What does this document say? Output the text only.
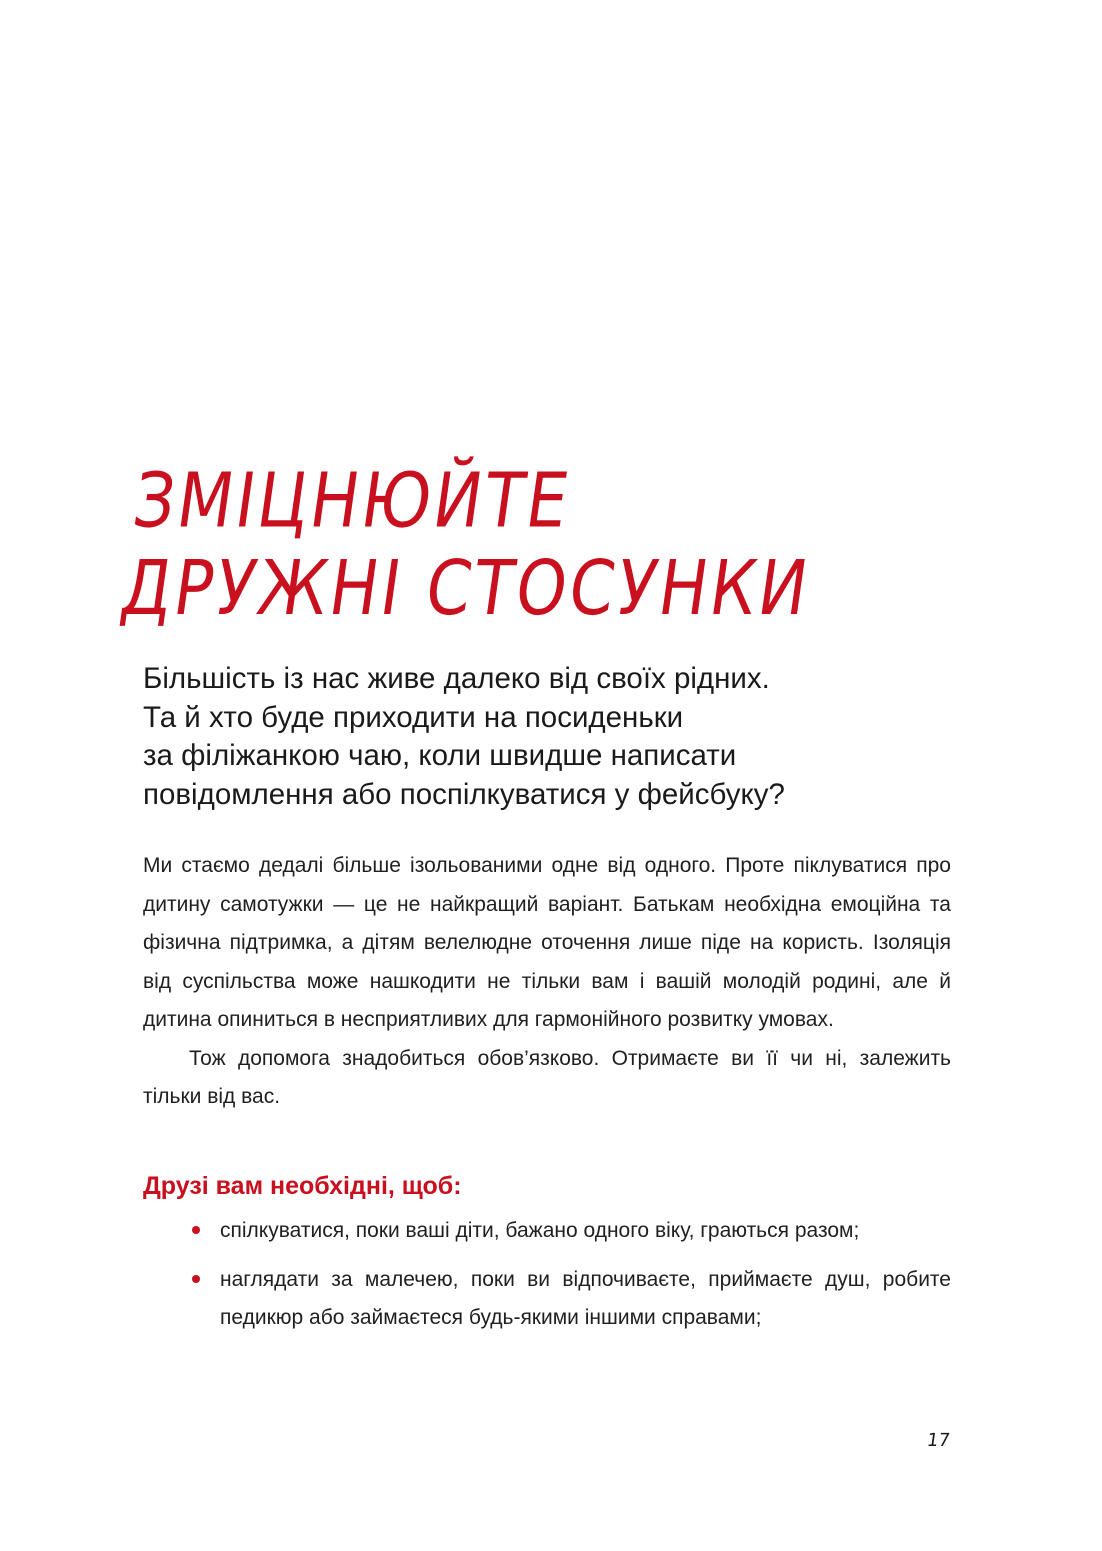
ЗМІЦНЮЙТЕ
ДРУЖНІ СТОСУНКИ
Більшість із нас живе далеко від своїх рідних.
Та й хто буде приходити на посиденьки
за філіжанкою чаю, коли швидше написати
повідомлення або поспілкуватися у фейсбуку?

Ми стаємо дедалі більше ізольованими одне від одного. Проте піклуватися про дитину самотужки — це не найкращий варіант. Батькам необхідна емоційна та фізична підтримка, а дітям велелюдне оточення лише піде на користь. Ізоляція від суспільства може нашкодити не тільки вам і вашій молодій родині, але й дитина опиниться в несприятливих для гармонійного розвитку умовах.

Тож допомога знадобиться обов’язково. Отримаєте ви її чи ні, залежить тільки від вас.

Друзі вам необхідні, щоб:
спілкуватися, поки ваші діти, бажано одного віку, граються разом;
наглядати за малечею, поки ви відпочиваєте, приймаєте душ, робите педикюр або займаєтеся будь-якими іншими справами;
17
